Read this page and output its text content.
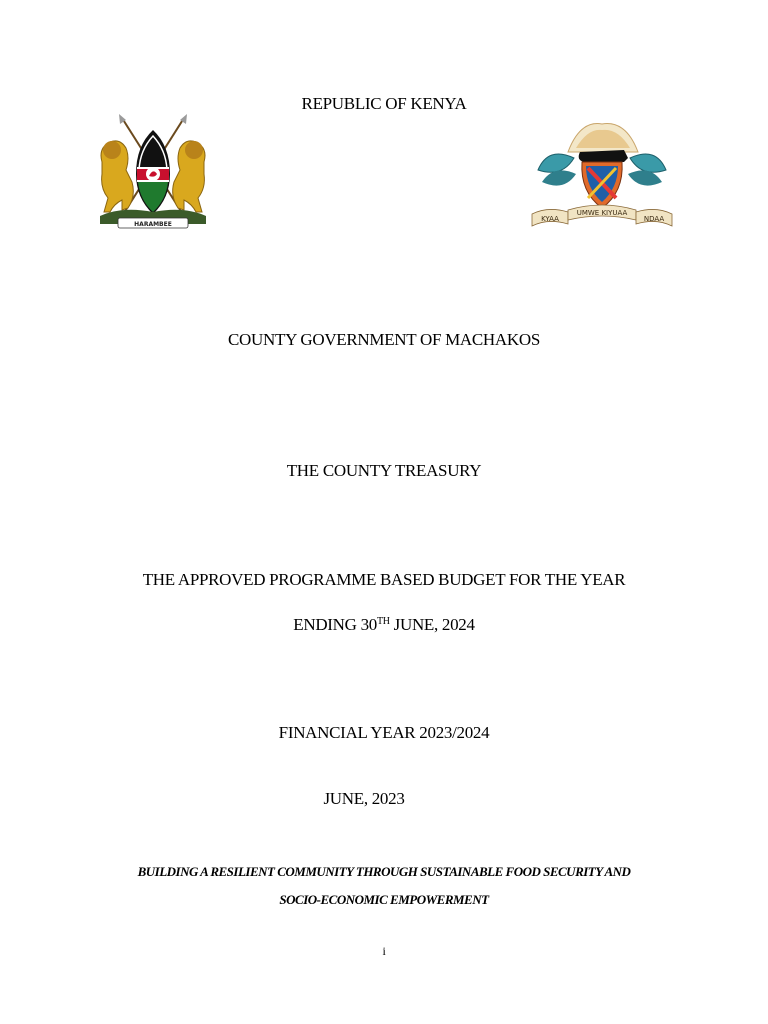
REPUBLIC OF KENYA
HARAMBEE
KYAA
UMWE KIYUAA
NDAA
COUNTY GOVERNMENT OF MACHAKOS
THE COUNTY TREASURY
THE APPROVED PROGRAMME BASED BUDGET FOR THE YEAR
ENDING 30TH JUNE, 2024
FINANCIAL YEAR 2023/2024
JUNE, 2023
BUILDING A RESILIENT COMMUNITY THROUGH SUSTAINABLE FOOD SECURITY AND
SOCIO-ECONOMIC EMPOWERMENT
i
